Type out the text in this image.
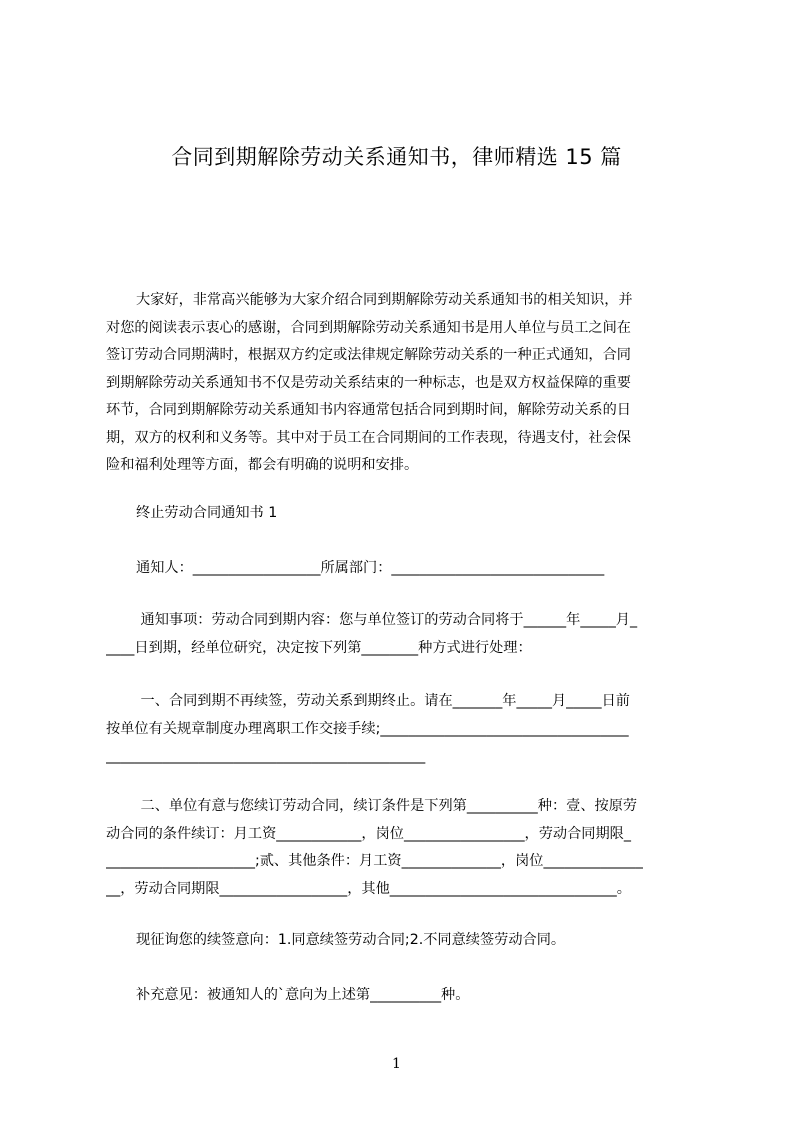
合同到期解除劳动关系通知书，律师精选 15 篇
大家好，非常高兴能够为大家介绍合同到期解除劳动关系通知书的相关知识，并
对您的阅读表示衷心的感谢，合同到期解除劳动关系通知书是用人单位与员工之间在
签订劳动合同期满时，根据双方约定或法律规定解除劳动关系的一种正式通知，合同
到期解除劳动关系通知书不仅是劳动关系结束的一种标志，也是双方权益保障的重要
环节，合同到期解除劳动关系通知书内容通常包括合同到期时间，解除劳动关系的日
期，双方的权利和义务等。其中对于员工在合同期间的工作表现，待遇支付，社会保
险和福利处理等方面，都会有明确的说明和安排。
终止劳动合同通知书 1
通知人：__________________所属部门：______________________________
通知事项：劳动合同到期内容：您与单位签订的劳动合同将于______年_____月_
____日到期，经单位研究，决定按下列第________种方式进行处理：
一、合同到期不再续签，劳动关系到期终止。请在_______年_____月_____日前
按单位有关规章制度办理离职工作交接手续;___________________________________
_____________________________________________
二、单位有意与您续订劳动合同，续订条件是下列第__________种：壹、按原劳
动合同的条件续订：月工资____________，岗位_________________，劳动合同期限_
_____________________;贰、其他条件：月工资______________，岗位______________
__，劳动合同期限__________________，其他________________________________。
现征询您的续签意向：1.同意续签劳动合同;2.不同意续签劳动合同。
补充意见：被通知人的`意向为上述第__________种。
1
